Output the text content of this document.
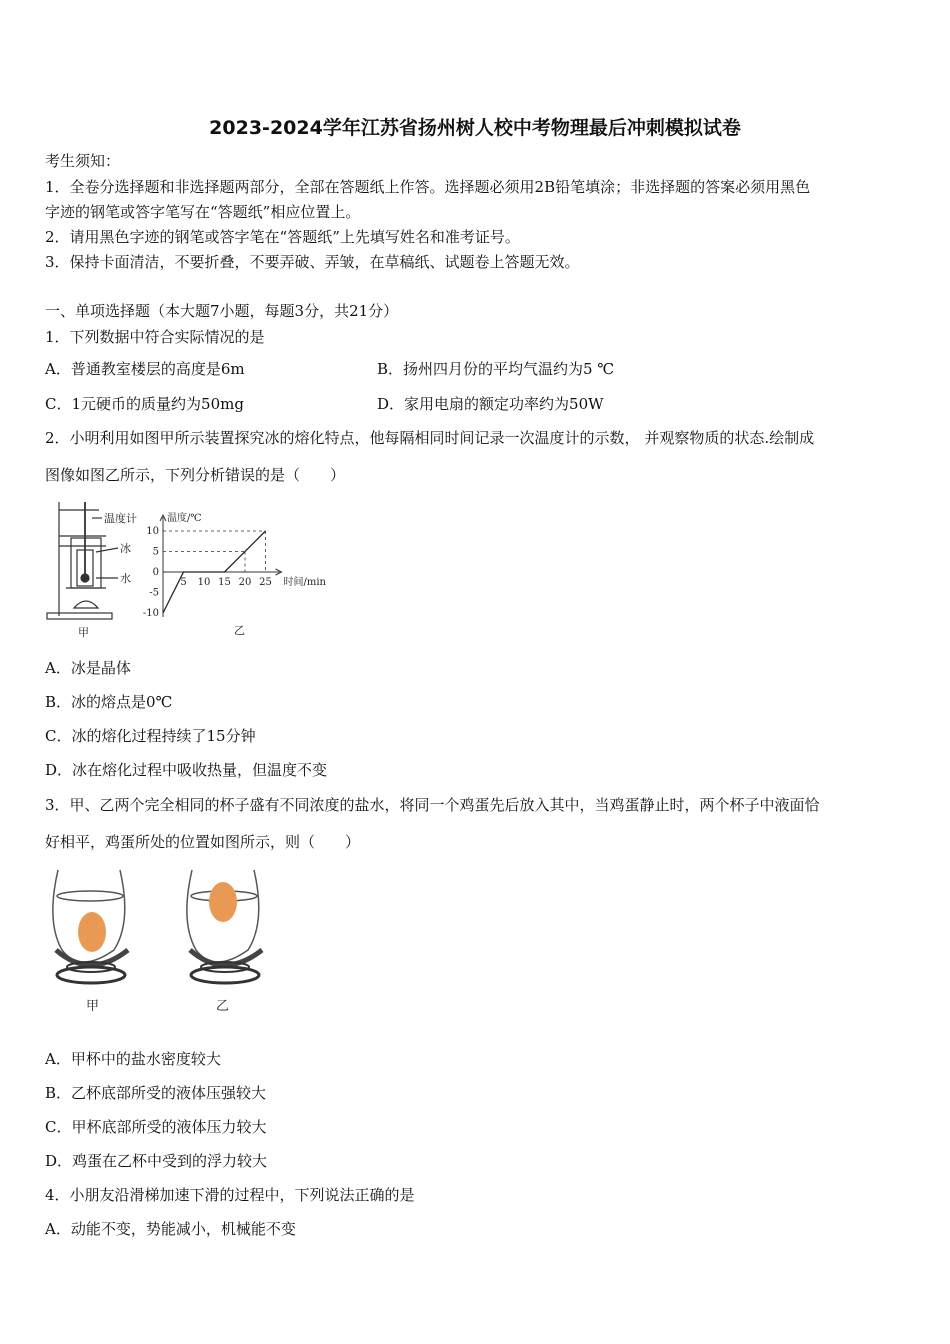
2023-2024学年江苏省扬州树人校中考物理最后冲刺模拟试卷
考生须知：
1．全卷分选择题和非选择题两部分，全部在答题纸上作答。选择题必须用2B铅笔填涂；非选择题的答案必须用黑色
字迹的钢笔或答字笔写在“答题纸”相应位置上。
2．请用黑色字迹的钢笔或答字笔在“答题纸”上先填写姓名和准考证号。
3．保持卡面清洁，不要折叠，不要弄破、弄皱，在草稿纸、试题卷上答题无效。
一、单项选择题（本大题7小题，每题3分，共21分）
1．下列数据中符合实际情况的是
A．普通教室楼层的高度是6m	B．扬州四月份的平均气温约为5 ℃
C．1元硬币的质量约为50mg	D．家用电扇的额定功率约为50W
2．小明利用如图甲所示装置探究冰的熔化特点，他每隔相同时间记录一次温度计的示数， 并观察物质的状态.绘制成
图像如图乙所示，下列分析错误的是（　　）
温度计
冰
水
甲
10
5
0
-5
-10
5 10 15 20 25
温度/℃
时间/min
乙
A．冰是晶体
B．冰的熔点是0℃
C．冰的熔化过程持续了15分钟
D．冰在熔化过程中吸收热量，但温度不变
3．甲、乙两个完全相同的杯子盛有不同浓度的盐水，将同一个鸡蛋先后放入其中，当鸡蛋静止时，两个杯子中液面恰
好相平，鸡蛋所处的位置如图所示，则（　　）
甲	乙
A．甲杯中的盐水密度较大
B．乙杯底部所受的液体压强较大
C．甲杯底部所受的液体压力较大
D．鸡蛋在乙杯中受到的浮力较大
4．小朋友沿滑梯加速下滑的过程中，下列说法正确的是
A．动能不变，势能减小，机械能不变
